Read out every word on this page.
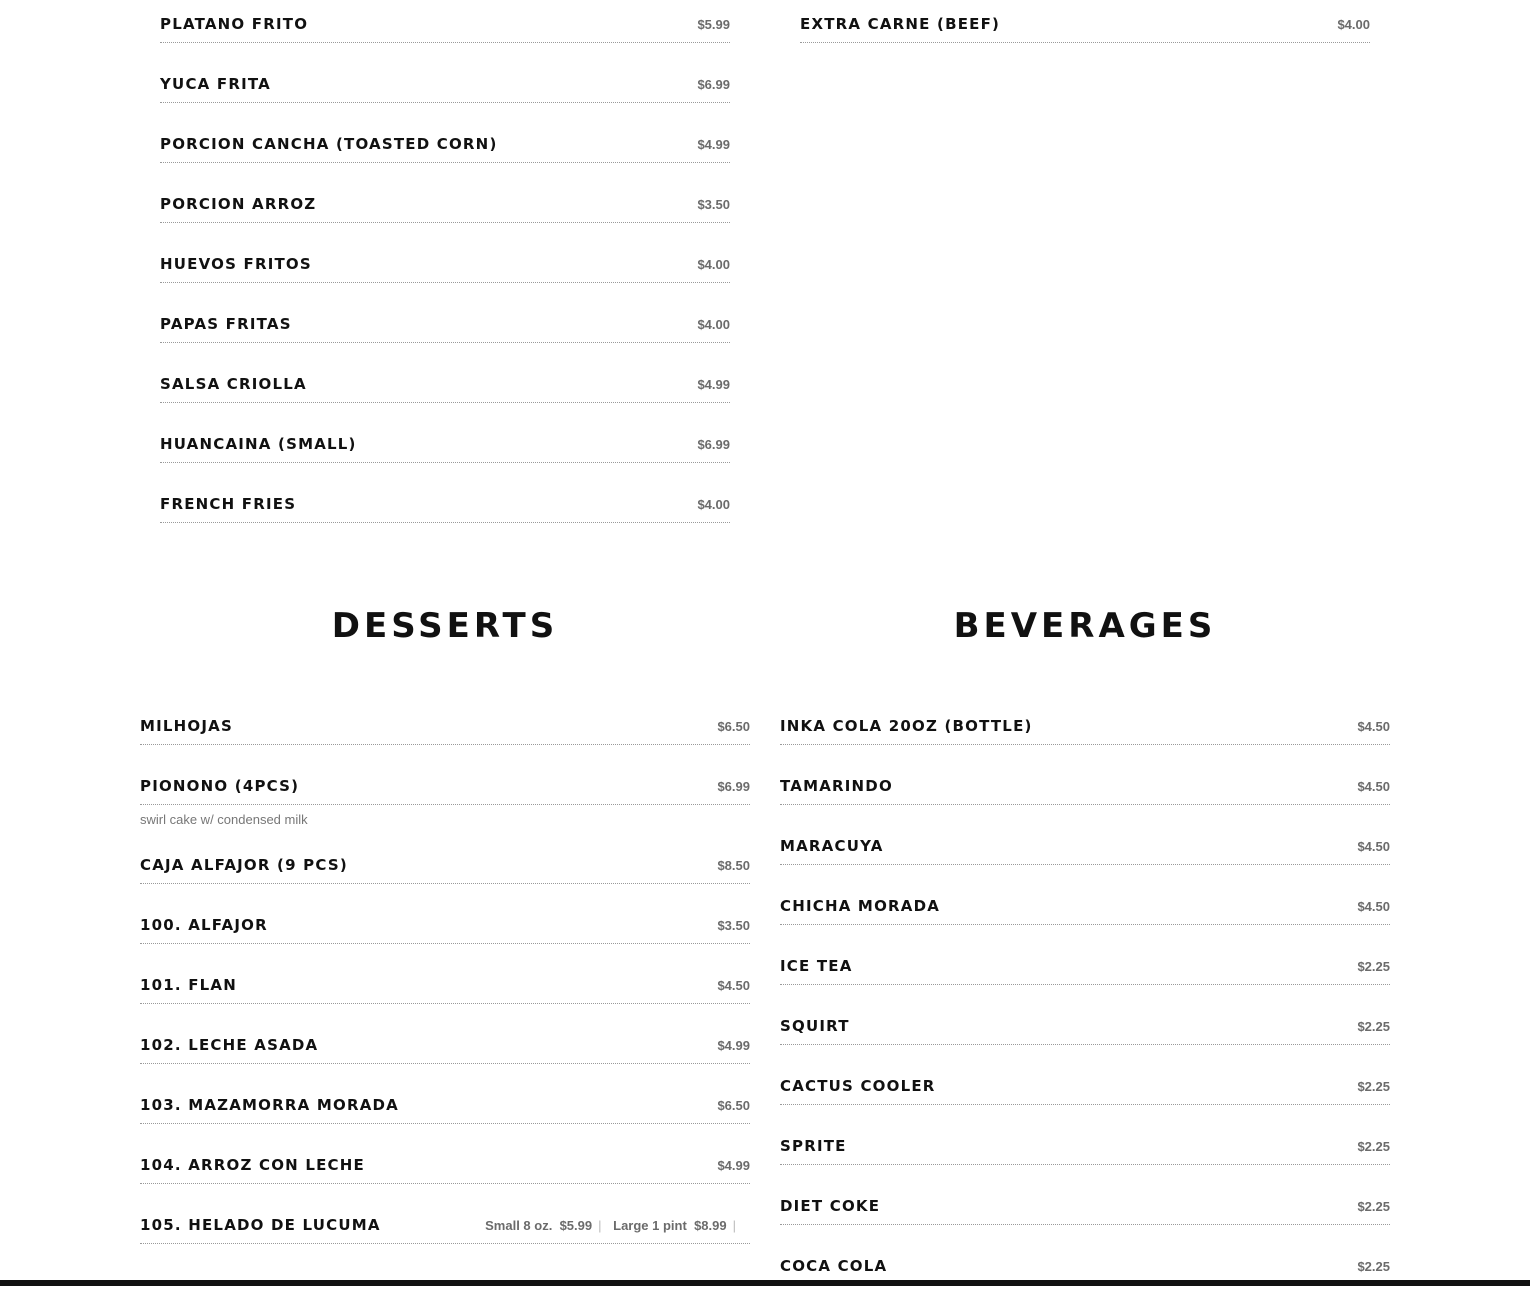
PLATANO FRITO	$5.99
YUCA FRITA	$6.99
PORCION CANCHA (TOASTED CORN)	$4.99
PORCION ARROZ	$3.50
HUEVOS FRITOS	$4.00
PAPAS FRITAS	$4.00
SALSA CRIOLLA	$4.99
HUANCAINA (SMALL)	$6.99
FRENCH FRIES	$4.00
EXTRA CARNE (BEEF)	$4.00
DESSERTS	BEVERAGES
MILHOJAS	$6.50
PIONONO (4PCS)	$6.99
swirl cake w/ condensed milk
CAJA ALFAJOR (9 PCS)	$8.50
100. ALFAJOR	$3.50
101. FLAN	$4.50
102. LECHE ASADA	$4.99
103. MAZAMORRA MORADA	$6.50
104. ARROZ CON LECHE	$4.99
105. HELADO DE LUCUMA	Small 8 oz. $5.99 | Large 1 pint $8.99 |
INKA COLA 20OZ (BOTTLE)	$4.50
TAMARINDO	$4.50
MARACUYA	$4.50
CHICHA MORADA	$4.50
ICE TEA	$2.25
SQUIRT	$2.25
CACTUS COOLER	$2.25
SPRITE	$2.25
DIET COKE	$2.25
COCA COLA	$2.25
